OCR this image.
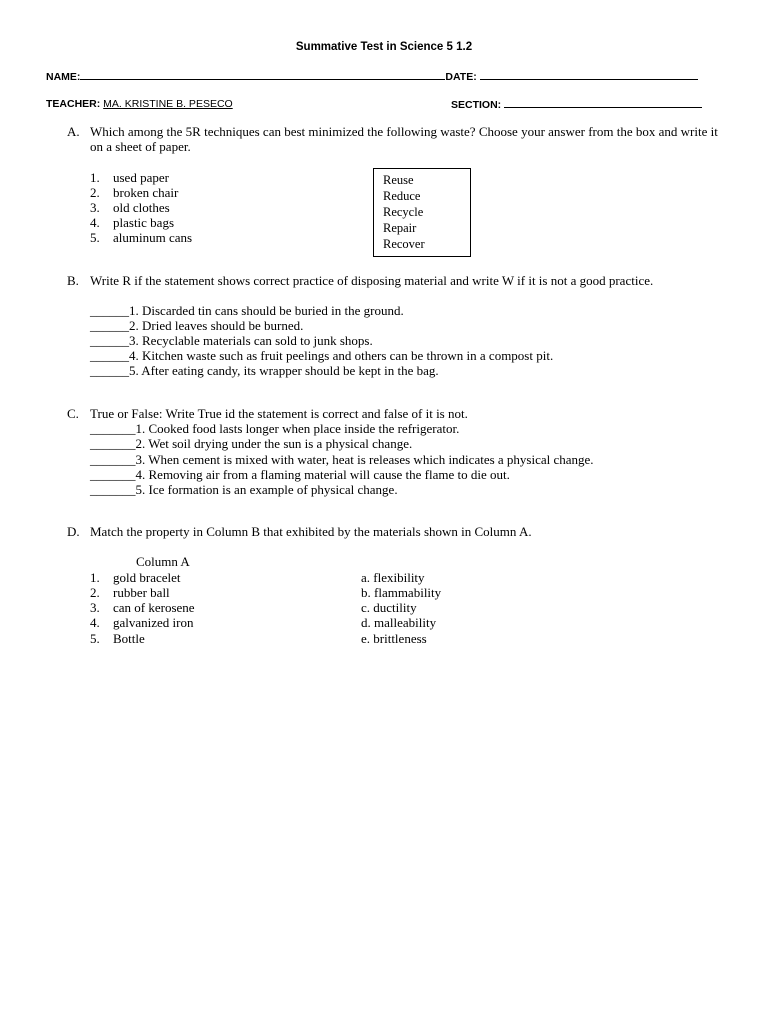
Summative Test in Science 5 1.2
NAME:	DATE:
TEACHER: MA. KRISTINE B. PESECO	SECTION:
A. Which among the 5R techniques can best minimized the following waste? Choose your answer from the box and write it on a sheet of paper.
1. used paper
2. broken chair
3. old clothes
4. plastic bags
5. aluminum cans
Reuse
Reduce
Recycle
Repair
Recover
B. Write R if the statement shows correct practice of disposing material and write W if it is not a good practice.
______1. Discarded tin cans should be buried in the ground.
______2. Dried leaves should be burned.
______3. Recyclable materials can sold to junk shops.
______4. Kitchen waste such as fruit peelings and others can be thrown in a compost pit.
______5. After eating candy, its wrapper should be kept in the bag.
C. True or False: Write True id the statement is correct and false of it is not.
_______1. Cooked food lasts longer when place inside the refrigerator.
_______2. Wet soil drying under the sun is a physical change.
_______3. When cement is mixed with water, heat is releases which indicates a physical change.
_______4. Removing air from a flaming material will cause the flame to die out.
_______5. Ice formation is an example of physical change.
D. Match the property in Column B that exhibited by the materials shown in Column A.
Column A
1. gold bracelet
2. rubber ball
3. can of kerosene
4. galvanized iron
5. Bottle
a. flexibility
b. flammability
c. ductility
d. malleability
e. brittleness
